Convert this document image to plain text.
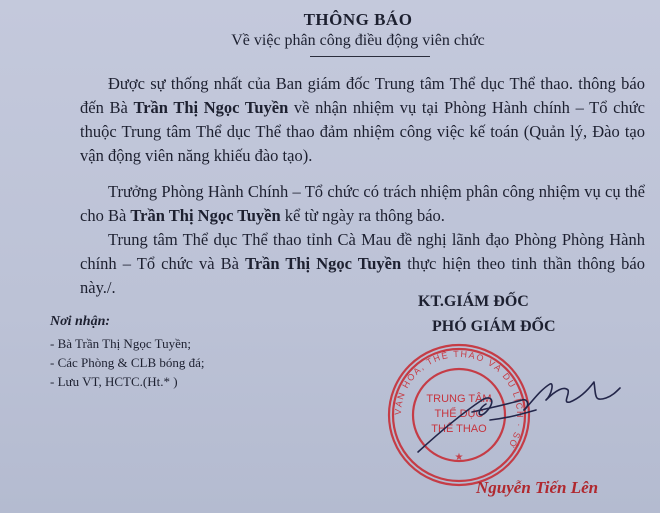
THÔNG BÁO
Về việc phân công điều động viên chức
Được sự thống nhất của Ban giám đốc Trung tâm Thể dục Thể thao. thông báo đến Bà Trần Thị Ngọc Tuyền về nhận nhiệm vụ tại Phòng Hành chính – Tổ chức thuộc Trung tâm Thể dục Thể thao đảm nhiệm công việc kế toán (Quản lý, Đào tạo vận động viên năng khiếu đào tạo).
Trưởng Phòng Hành Chính – Tổ chức có trách nhiệm phân công nhiệm vụ cụ thể cho Bà Trần Thị Ngọc Tuyền kể từ ngày ra thông báo.
Trung tâm Thể dục Thể thao tỉnh Cà Mau đề nghị lãnh đạo Phòng Phòng Hành chính – Tổ chức và Bà Trần Thị Ngọc Tuyền thực hiện theo tinh thần thông báo này./.
Nơi nhận:
- Bà Trần Thị Ngọc Tuyền;
- Các Phòng & CLB bóng đá;
- Lưu VT, HCTC.(Ht.* )
KT.GIÁM ĐỐC
PHÓ GIÁM ĐỐC
VĂN HÓA, THỂ THAO VÀ DU LỊCH · SỞ
TRUNG TÂM
THỂ DỤC
THỂ THAO
★
Nguyễn Tiến Lên
